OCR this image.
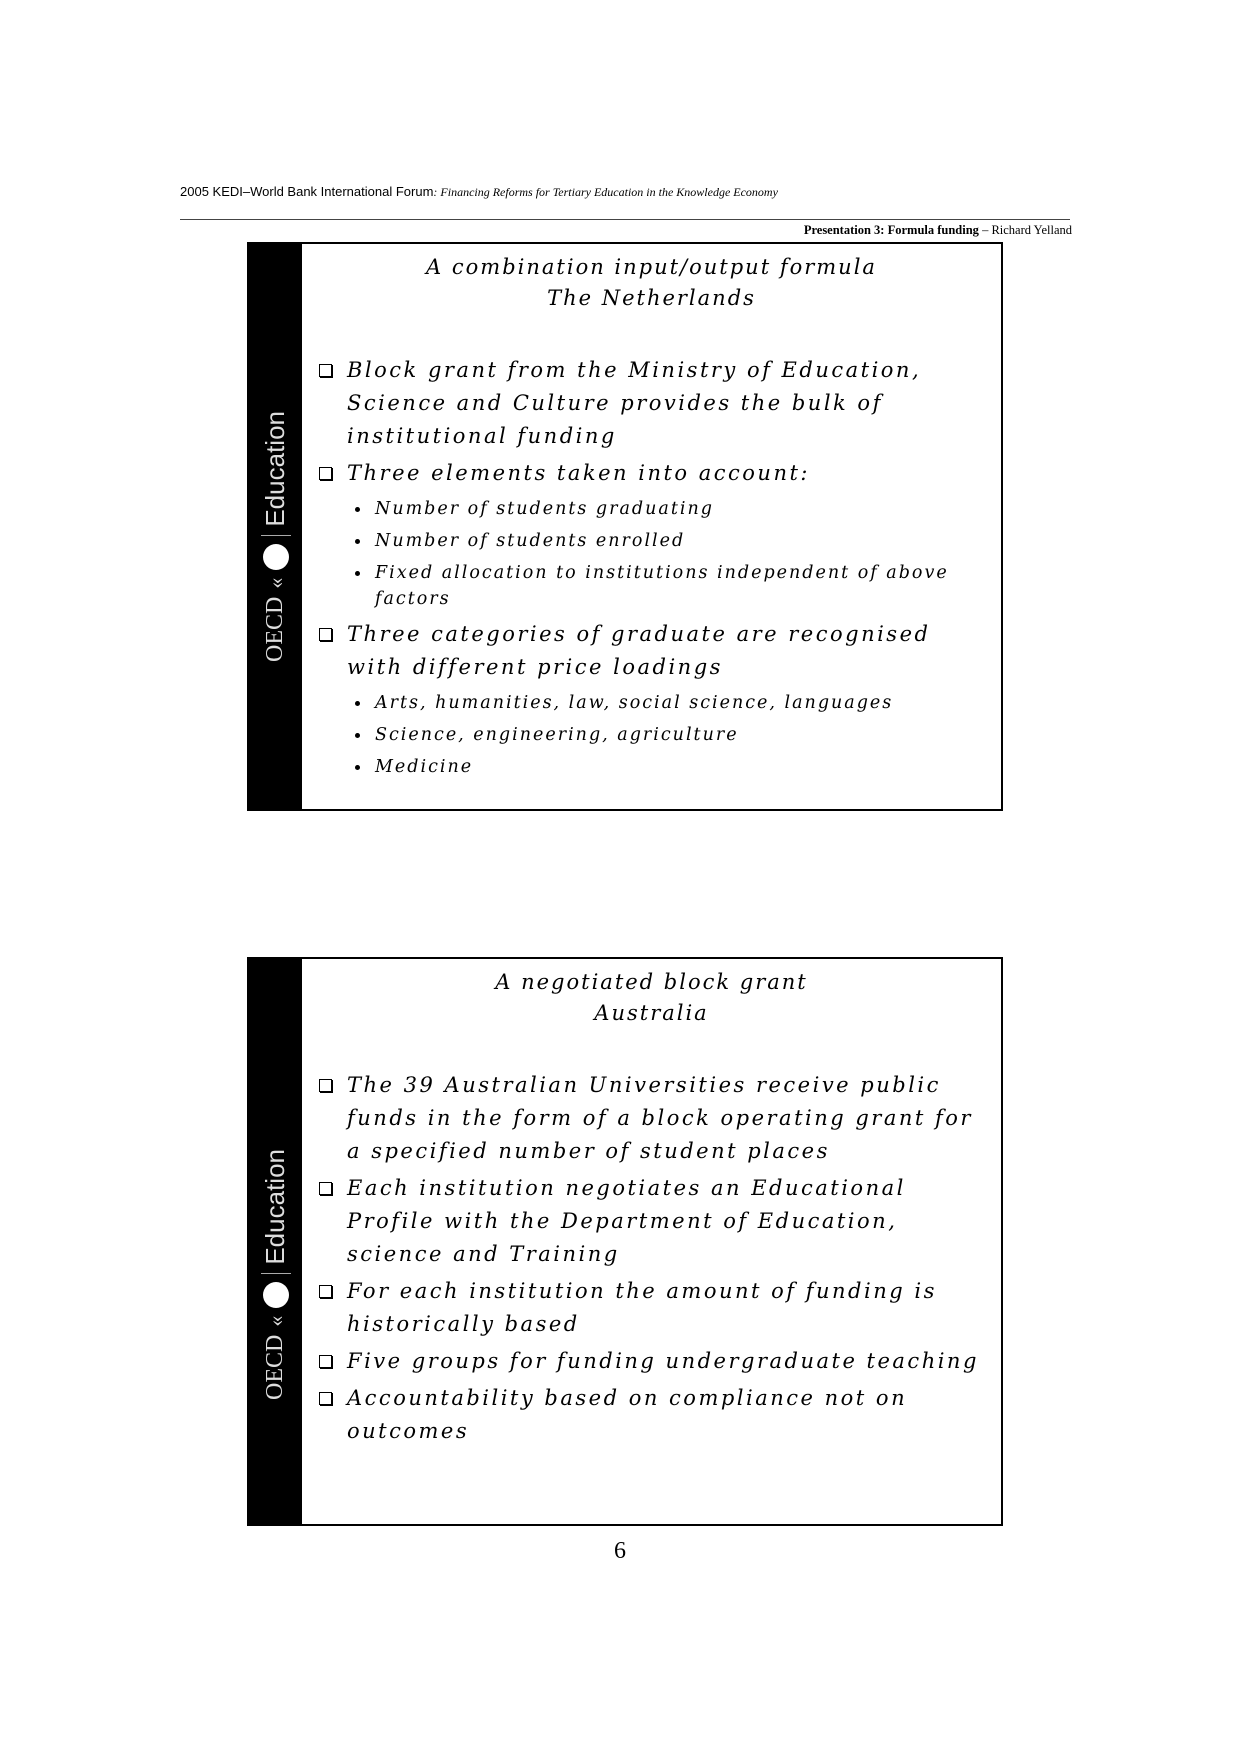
2005 KEDI–World Bank International Forum: Financing Reforms for Tertiary Education in the Knowledge Economy
Presentation 3: Formula funding – Richard Yelland
OECD
«
Education
A combination input/output formula
The Netherlands
Block grant from the Ministry of Education, Science and Culture provides the bulk of institutional funding
Three elements taken into account:
Number of students graduating
Number of students enrolled
Fixed allocation to institutions independent of above factors
Three categories of graduate are recognised with different price loadings
Arts, humanities, law, social science, languages
Science, engineering, agriculture
Medicine
OECD
«
Education
A negotiated block grant
Australia
The 39 Australian Universities receive public funds in the form of a block operating grant for a specified number of student places
Each institution negotiates an Educational Profile with the Department of Education, science and Training
For each institution the amount of funding is historically based
Five groups for funding undergraduate teaching
Accountability based on compliance not on outcomes
6
